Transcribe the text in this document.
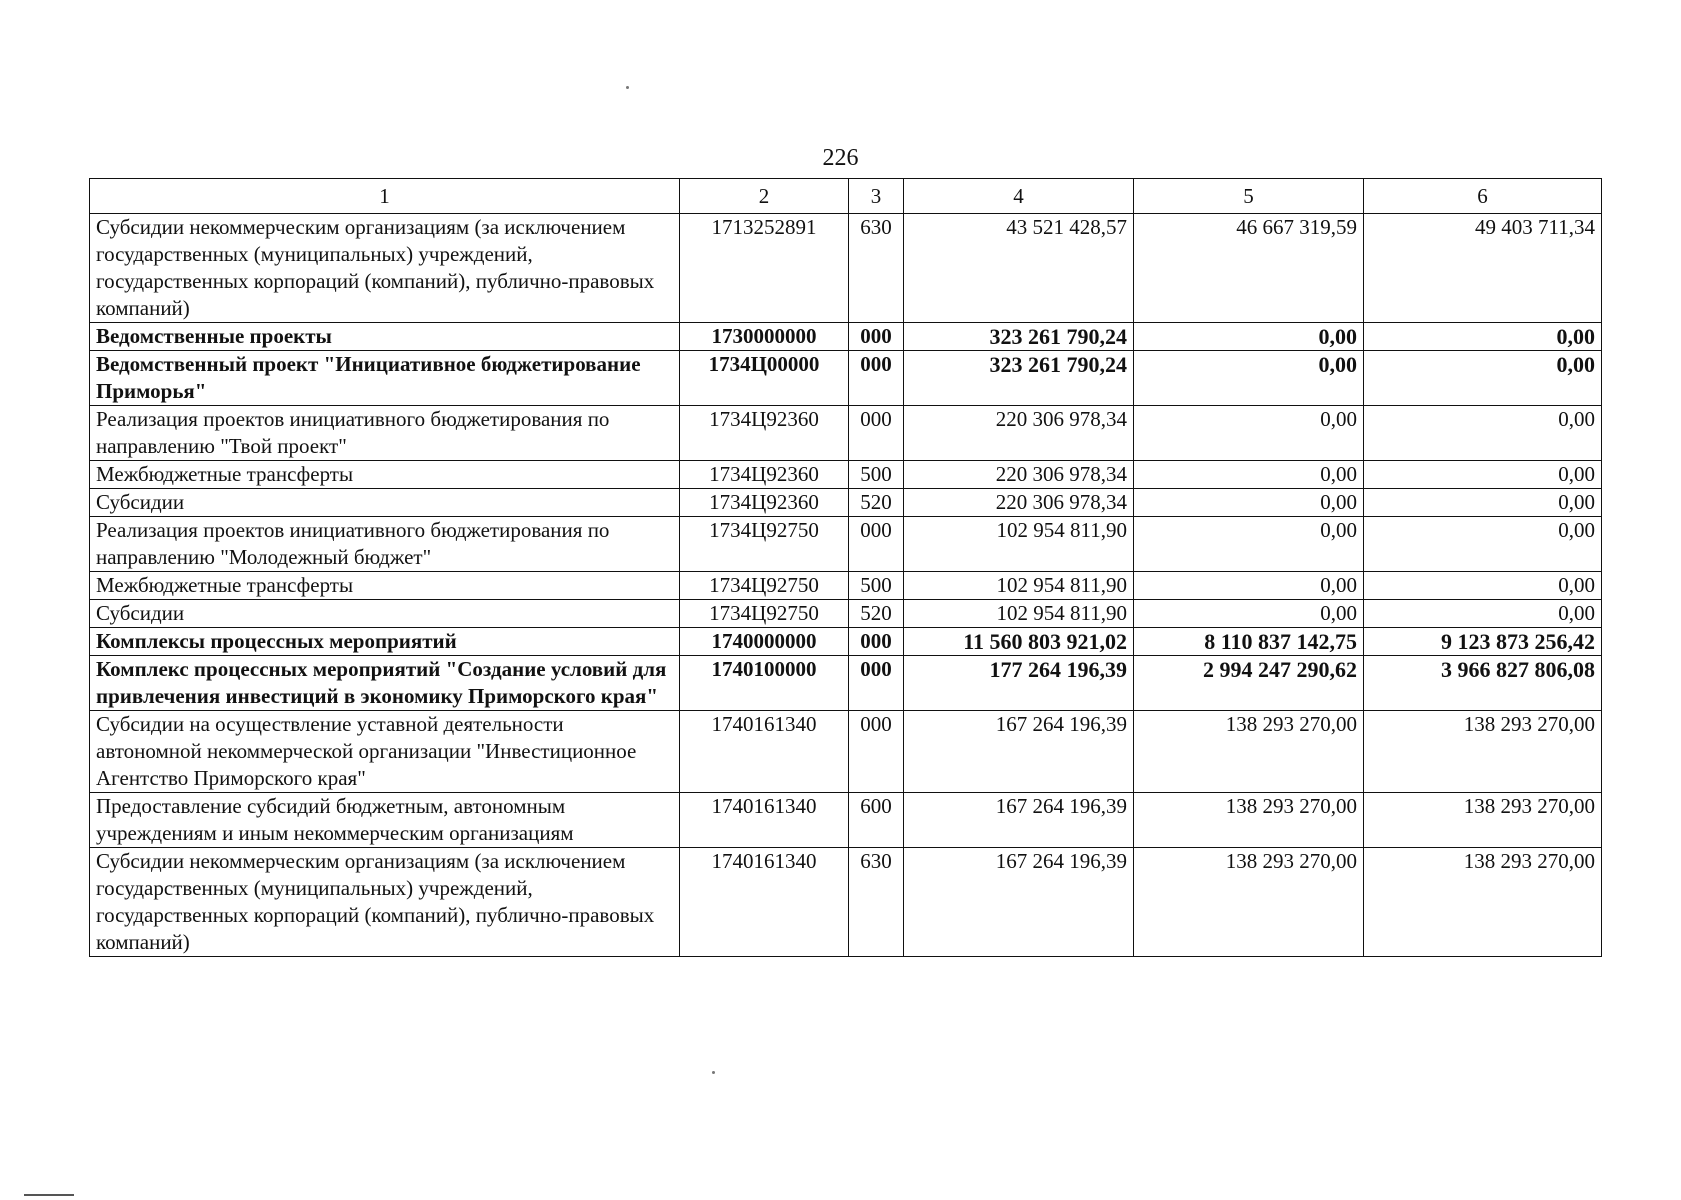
226
1	2	3	4	5	6
Субсидии некоммерческим организациям (за исключением государственных (муниципальных) учреждений, государственных корпораций (компаний), публично-правовых компаний)	1713252891	630	43 521 428,57	46 667 319,59	49 403 711,34
Ведомственные проекты	1730000000	000	323 261 790,24	0,00	0,00
Ведомственный проект "Инициативное бюджетирование Приморья"	1734Ц00000	000	323 261 790,24	0,00	0,00
Реализация проектов инициативного бюджетирования по направлению "Твой проект"	1734Ц92360	000	220 306 978,34	0,00	0,00
Межбюджетные трансферты	1734Ц92360	500	220 306 978,34	0,00	0,00
Субсидии	1734Ц92360	520	220 306 978,34	0,00	0,00
Реализация проектов инициативного бюджетирования по направлению "Молодежный бюджет"	1734Ц92750	000	102 954 811,90	0,00	0,00
Межбюджетные трансферты	1734Ц92750	500	102 954 811,90	0,00	0,00
Субсидии	1734Ц92750	520	102 954 811,90	0,00	0,00
Комплексы процессных мероприятий	1740000000	000	11 560 803 921,02	8 110 837 142,75	9 123 873 256,42
Комплекс процессных мероприятий "Создание условий для привлечения инвестиций в экономику Приморского края"	1740100000	000	177 264 196,39	2 994 247 290,62	3 966 827 806,08
Субсидии на осуществление уставной деятельности автономной некоммерческой организации "Инвестиционное Агентство Приморского края"	1740161340	000	167 264 196,39	138 293 270,00	138 293 270,00
Предоставление субсидий бюджетным, автономным учреждениям и иным некоммерческим организациям	1740161340	600	167 264 196,39	138 293 270,00	138 293 270,00
Субсидии некоммерческим организациям (за исключением государственных (муниципальных) учреждений, государственных корпораций (компаний), публично-правовых компаний)	1740161340	630	167 264 196,39	138 293 270,00	138 293 270,00
